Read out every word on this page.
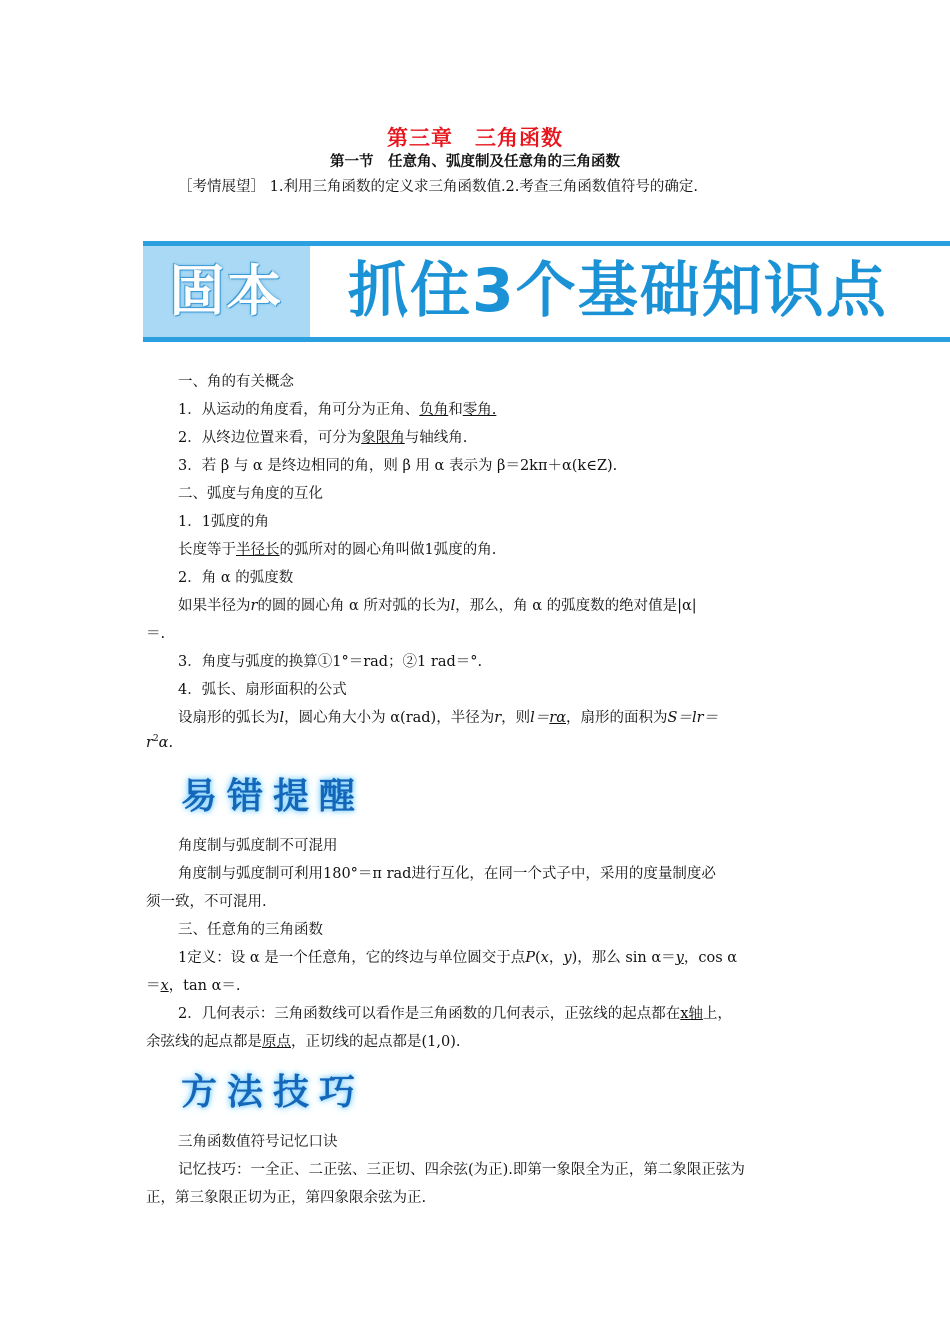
第三章　三角函数
第一节　任意角、弧度制及任意角的三角函数
［考情展望］ 1.利用三角函数的定义求三角函数值.2.考查三角函数值符号的确定.
固本	抓住3个基础知识点
一、角的有关概念
1．从运动的角度看，角可分为正角、负角和零角.
2．从终边位置来看，可分为象限角与轴线角.
3．若 β 与 α 是终边相同的角，则 β 用 α 表示为 β＝2kπ＋α(k∈Z).
二、弧度与角度的互化
1．1弧度的角
长度等于半径长的弧所对的圆心角叫做1弧度的角.
2．角 α 的弧度数
如果半径为r的圆的圆心角 α 所对弧的长为l，那么，角 α 的弧度数的绝对值是|α|
＝.
3．角度与弧度的换算①1°＝rad；②1 rad＝°.
4．弧长、扇形面积的公式
设扇形的弧长为l，圆心角大小为 α(rad)，半径为r，则l＝rα，扇形的面积为S＝lr＝
$r^2\alpha$.
易错提醒
角度制与弧度制不可混用
角度制与弧度制可利用180°＝π rad进行互化，在同一个式子中，采用的度量制度必
须一致，不可混用.
三、任意角的三角函数
1定义：设 α 是一个任意角，它的终边与单位圆交于点P(x，y)，那么 sin α＝y，cos α
＝x，tan α＝.
2．几何表示：三角函数线可以看作是三角函数的几何表示，正弦线的起点都在x轴上，
余弦线的起点都是原点，正切线的起点都是(1,0).
方法技巧
三角函数值符号记忆口诀
记忆技巧：一全正、二正弦、三正切、四余弦(为正).即第一象限全为正，第二象限正弦为
正，第三象限正切为正，第四象限余弦为正.
